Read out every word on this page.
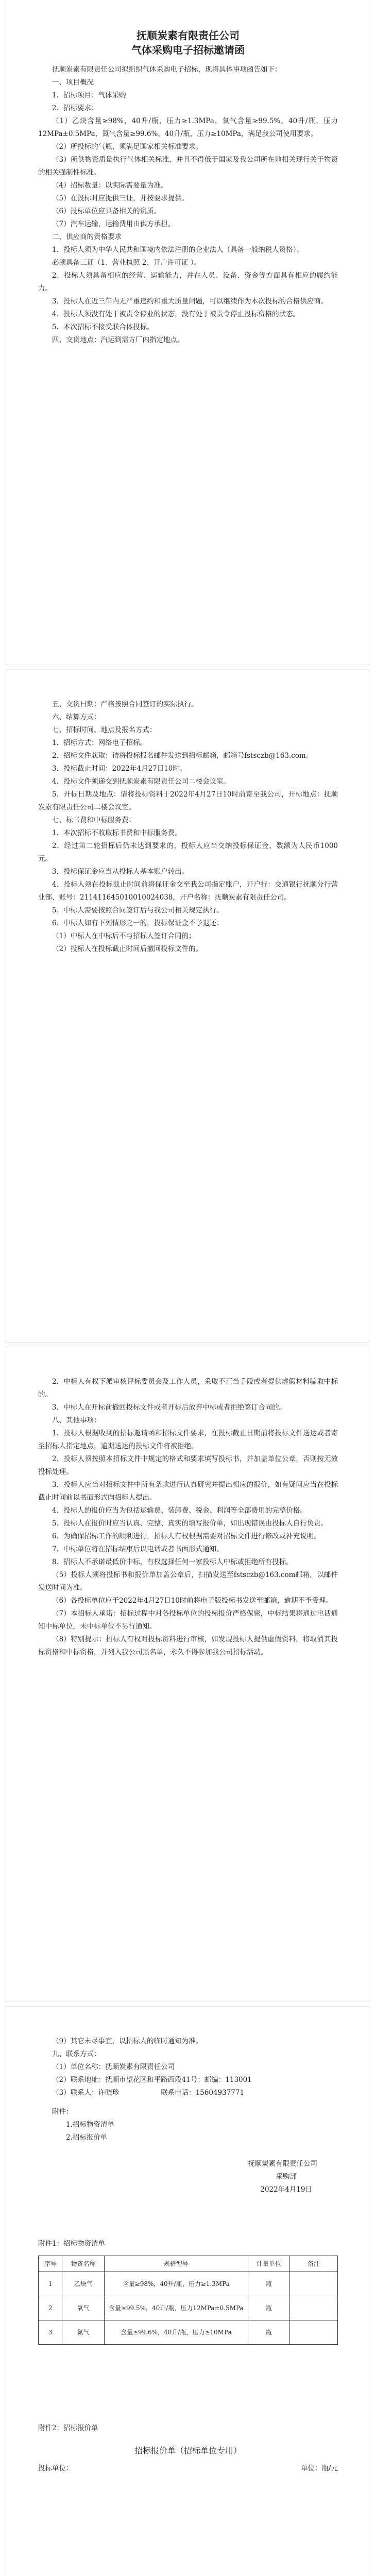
抚顺炭素有限责任公司
气体采购电子招标邀请函

抚顺炭素有限责任公司拟组织气体采购电子招标，现将具体事项函告如下：

一、项目概况

1．招标项目：气体采购

2．招标要求：

（1）乙炔含量≥98%，40升/瓶，压力≥1.3MPa，氧气含量≥99.5%，40升/瓶，压力12MPa±0.5MPa，氮气含量≥99.6%，40升/瓶，压力≥10MPa，满足我公司使用要求。

（2）所投标的气瓶，须满足国家相关标准要求。

（3）所供物资质量执行气体相关标准，并且不得低于国家及我公司所在地相关现行关于物资的相关强制性标准。

（4）招标数量：以实际需要量为准。

（5）在投标时应提供三证，并按要求提供。

（6）投标单位应具备相关的资质。

（7）汽车运输，运输费用由供方承担。

二、供应商的资格要求

1．投标人须为中华人民共和国境内依法注册的企业法人（具备一般纳税人资格）。

必须具备三证（1、营业执照 2、开户许可证 ）。

2．投标人须具备相应的经营、运输能力，并在人员、设备、资金等方面具有相应的履约能力。

3．投标人在近三年内无严重违约和重大质量问题，可以继续作为本次投标的合格供应商。

4．投标人须没有处于被责令停业的状态，没有处于被责令停止投标资格的状态。

5．本次招标不接受联合体投标。

四、交货地点：汽运到需方厂内指定地点。

五、交货日期：严格按照合同签订的实际执行。

六、结算方式：

七、招标时间、地点及报名方式：

1．招标方式：网络电子招标。

2．招标文件获取：请将投标报名邮件发送到招标邮箱，邮箱号fstsczb@163.com。

3．投标截止时间：2022年4月27日10时。

4．投标文件须递交到抚顺炭素有限责任公司二楼会议室。

5．开标日期及地点：请将投标资料于2022年4月27日10时前寄至我公司，开标地点：抚顺炭素有限责任公司二楼会议室。

七、标书费和中标服务费：

1．本次招标不收取标书费和中标服务费。

2．经过第二轮招标后仍未达到要求的，投标人应当交纳投标保证金，数额为人民币1000元。

3．投标保证金应当从投标人基本账户转出。

4．投标人须在投标截止时间前将保证金交至我公司指定账户，开户行：交通银行抚顺分行营业部，账号：211411645010010024038，开户名称：抚顺炭素有限责任公司。

5．中标人需要按照合同签订后与我公司相关规定执行。

6．中标人如有下列情形之一的，投标保证金不予退还：

（1）中标人在中标后不与招标人签订合同的；

（2）投标人在投标截止时间后撤回投标文件的。

2．中标人有权下派审核评标委员会及工作人员，采取不正当手段或者提供虚假材料骗取中标的。

3．中标人在开标前撤回投标文件或者开标后放弃中标或者拒绝签订合同的。

八、其他事项：

1．投标人根据收到的招标邀请函和招标文件要求，在投标截止日期前将投标文件送达或者寄至招标人指定地点，逾期送达的投标文件将被拒绝。

2．投标人须按照本招标文件中规定的格式和要求填写投标书，并加盖单位公章，否则按无效投标处理。

3．投标人应当对招标文件中所有条款进行认真研究并提出相应的报价，如有疑问应当在投标截止时间前以书面形式向招标人提出。

4．投标人的报价应当为包括运输费、装卸费、税金、利润等全部费用的完整价格。

5．投标人在报价时应当认真、完整、真实的填写报价单，如出现错误由投标人自行负责。

6．为确保招标工作的顺利进行，招标人有权根据需要对招标文件进行修改或补充说明。

7．中标单位将在招标结束后以电话或者书面形式通知。

8．招标人不承诺最低价中标，有权选择任何一家投标人中标或拒绝所有投标。

（5）投标人须将投标书和报价单加盖公章后，扫描发送至fstsczb@163.com邮箱，以邮件发送时间为准。

（6）各投标单位应于2022年4月27日10时前将电子版投标书发送至邮箱，逾期不予受理。

（7）本招标人承诺：招标过程中对各投标单位的投标报价严格保密，中标结果将通过电话通知中标单位，未中标单位不另行通知。

（8）特别提示：招标人有权对投标资料进行审核，如发现投标人提供虚假资料，将取消其投标资格和中标资格，并列入我公司黑名单，永久不得参加我公司招标活动。

（9）其它未尽事宜，以招标人的临时通知为准。

九、联系方式：

（1）单位名称：抚顺炭素有限责任公司

（2）联系地址：抚顺市望花区和平路西段41号；邮编：113001

（3）联系人：许晓珍　　　　　　联系电话：15604937771

附件：

1.招标物资清单

2.招标报价单

抚顺炭素有限责任公司

采购部

2022年4月19日

附件1：招标物资清单

序号	物资名称	规格型号	计量单位	备注
1	乙炔气	含量≥98%，40升/瓶，压力≥1.3MPa	瓶	
2	氧气	含量≥99.5%，40升/瓶，压力12MPa±0.5MPa	瓶	
3	氮气	含量≥99.6%，40升/瓶，压力≥10MPa	瓶	

附件2：招标报价单

招标报价单（招标单位专用）

投标单位：	单位：瓶/元
